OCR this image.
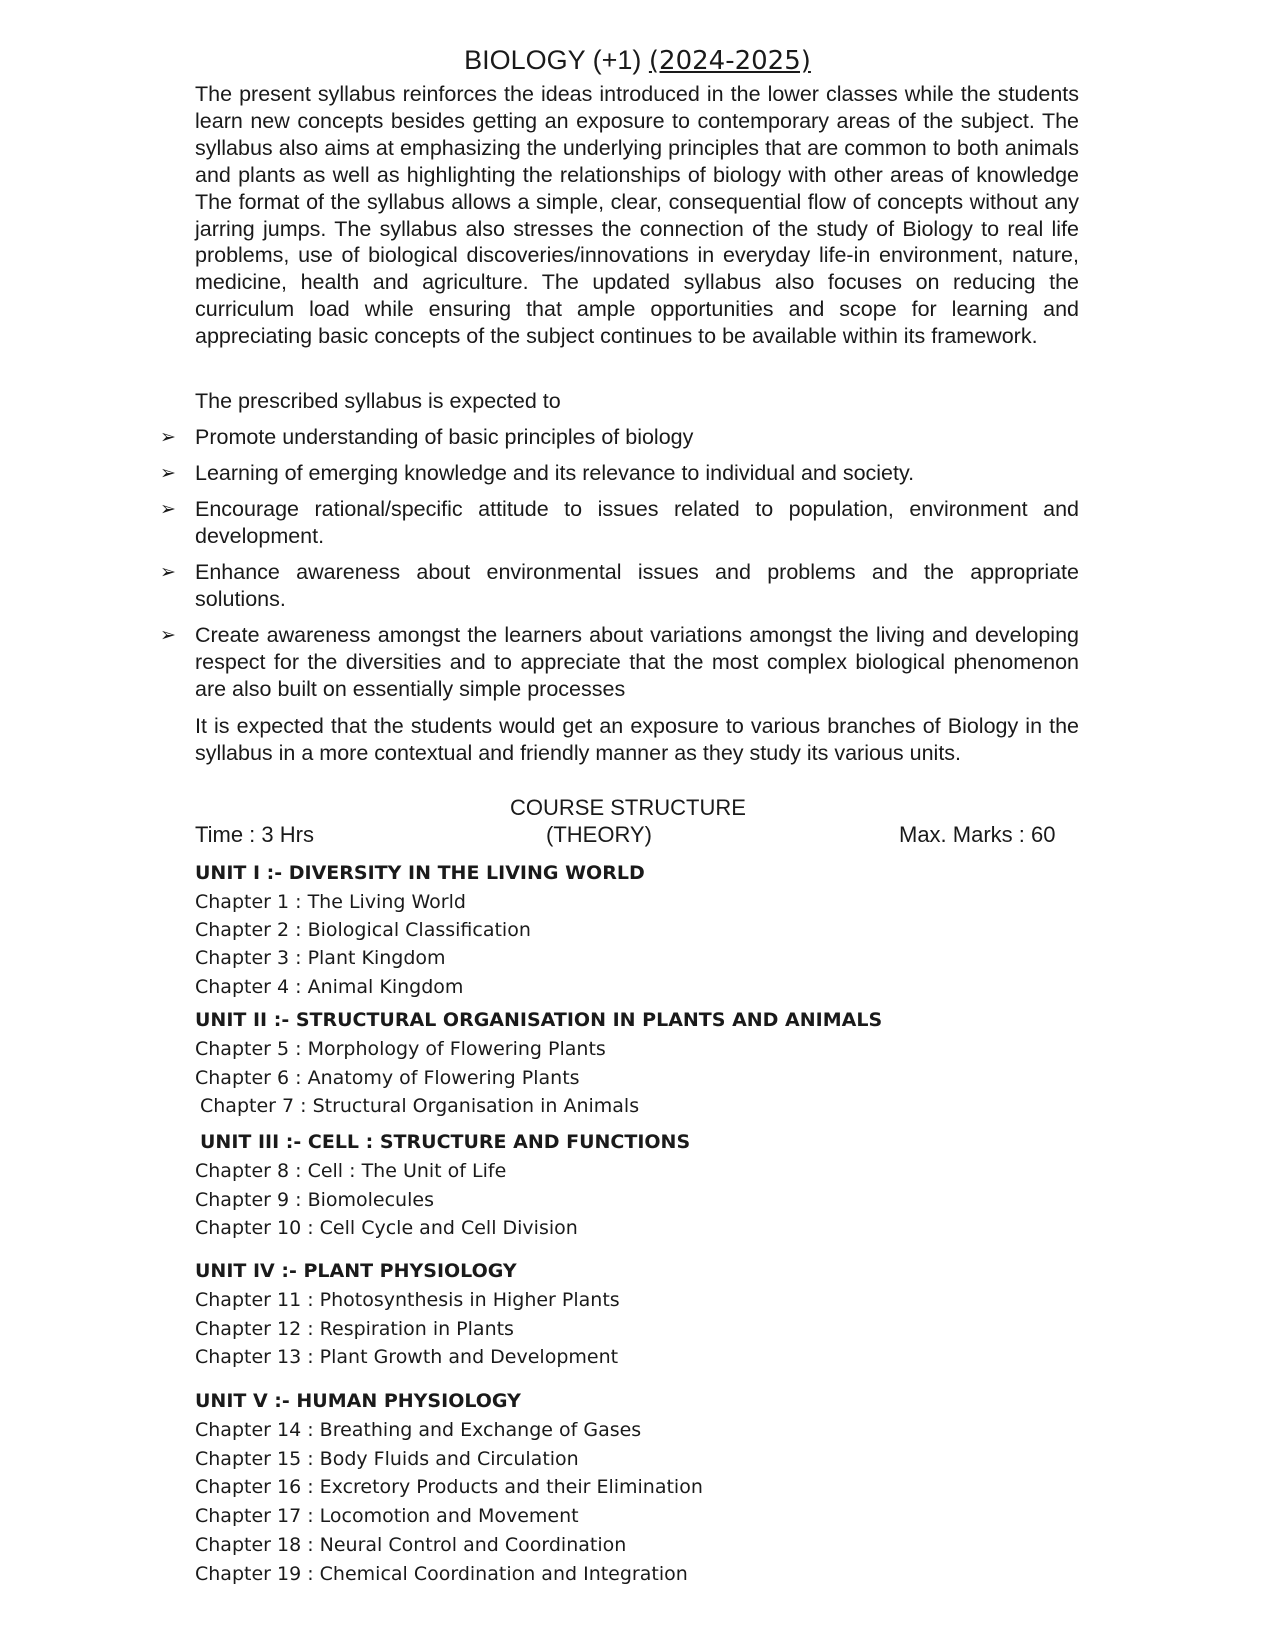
BIOLOGY (+1) (2024-2025)

The present syllabus reinforces the ideas introduced in the lower classes while the students learn new concepts besides getting an exposure to contemporary areas of the subject. The syllabus also aims at emphasizing the underlying principles that are common to both animals and plants as well as highlighting the relationships of biology with other areas of knowledge The format of the syllabus allows a simple, clear, consequential flow of concepts without any jarring jumps. The syllabus also stresses the connection of the study of Biology to real life problems, use of biological discoveries/innovations in everyday life-in environment, nature, medicine, health and agriculture. The updated syllabus also focuses on reducing the curriculum load while ensuring that ample opportunities and scope for learning and appreciating basic concepts of the subject continues to be available within its framework.

The prescribed syllabus is expected to

➢ Promote understanding of basic principles of biology
➢ Learning of emerging knowledge and its relevance to individual and society.
➢ Encourage rational/specific attitude to issues related to population, environment and development.
➢ Enhance awareness about environmental issues and problems and the appropriate solutions.
➢ Create awareness amongst the learners about variations amongst the living and developing respect for the diversities and to appreciate that the most complex biological phenomenon are also built on essentially simple processes

It is expected that the students would get an exposure to various branches of Biology in the syllabus in a more contextual and friendly manner as they study its various units.

COURSE STRUCTURE
Time : 3 Hrs	(THEORY)	Max. Marks : 60
UNIT I :- DIVERSITY IN THE LIVING WORLD
Chapter 1 : The Living World
Chapter 2 : Biological Classification
Chapter 3 : Plant Kingdom
Chapter 4 : Animal Kingdom
UNIT II :- STRUCTURAL ORGANISATION IN PLANTS AND ANIMALS
Chapter 5 : Morphology of Flowering Plants
Chapter 6 : Anatomy of Flowering Plants
Chapter 7 : Structural Organisation in Animals
UNIT III :- CELL : STRUCTURE AND FUNCTIONS
Chapter 8 : Cell : The Unit of Life
Chapter 9 : Biomolecules
Chapter 10 : Cell Cycle and Cell Division
UNIT IV :- PLANT PHYSIOLOGY
Chapter 11 : Photosynthesis in Higher Plants
Chapter 12 : Respiration in Plants
Chapter 13 : Plant Growth and Development
UNIT V :- HUMAN PHYSIOLOGY
Chapter 14 : Breathing and Exchange of Gases
Chapter 15 : Body Fluids and Circulation
Chapter 16 : Excretory Products and their Elimination
Chapter 17 : Locomotion and Movement
Chapter 18 : Neural Control and Coordination
Chapter 19 : Chemical Coordination and Integration
